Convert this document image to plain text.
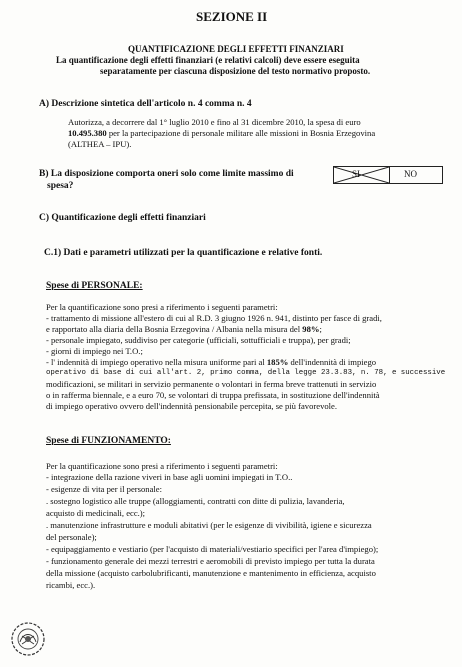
SEZIONE II
QUANTIFICAZIONE DEGLI EFFETTI FINANZIARI
La quantificazione degli effetti finanziari (e relativi calcoli) deve essere eseguita
separatamente per ciascuna disposizione del testo normativo proposto.
A) Descrizione sintetica dell'articolo n. 4 comma n. 4
Autorizza, a decorrere dal 1° luglio 2010 e fino al 31 dicembre 2010, la spesa di euro
10.495.380 per la partecipazione di personale militare alle missioni in Bosnia Erzegovina
(ALTHEA – IPU).
B) La disposizione comporta oneri solo come limite massimo di
spesa?
SI	NO
C) Quantificazione degli effetti finanziari
C.1) Dati e parametri utilizzati per la quantificazione e relative fonti.
Spese di PERSONALE:
Per la quantificazione sono presi a riferimento i seguenti parametri:
- trattamento di missione all'estero di cui al R.D. 3 giugno 1926 n. 941, distinto per fasce di gradi,
e rapportato alla diaria della Bosnia Erzegovina / Albania nella misura del 98%;
- personale impiegato, suddiviso per categorie (ufficiali, sottufficiali e truppa), per gradi;
- giorni di impiego nei T.O.;
- l' indennità di impiego operativo nella misura uniforme pari al 185% dell'indennità di impiego
operativo di base di cui all'art. 2, primo comma, della legge 23.3.83, n. 78, e successive
modificazioni, se militari in servizio permanente o volontari in ferma breve trattenuti in servizio
o in rafferma biennale, e a euro 70, se volontari di truppa prefissata, in sostituzione dell'indennità
di impiego operativo ovvero dell'indennità pensionabile percepita, se più favorevole.
Spese di FUNZIONAMENTO:
Per la quantificazione sono presi a riferimento i seguenti parametri:
- integrazione della razione viveri in base agli uomini impiegati in T.O..
- esigenze di vita per il personale:
. sostegno logistico alle truppe (alloggiamenti, contratti con ditte di pulizia, lavanderia,
acquisto di medicinali, ecc.);
. manutenzione infrastrutture e moduli abitativi (per le esigenze di vivibilità, igiene e sicurezza
del personale);
- equipaggiamento e vestiario (per l'acquisto di materiali/vestiario specifici per l'area d'impiego);
- funzionamento generale dei mezzi terrestri e aeromobili di previsto impiego per tutta la durata
della missione (acquisto carbolubrificanti, manutenzione e mantenimento in efficienza, acquisto
ricambi, ecc.).
